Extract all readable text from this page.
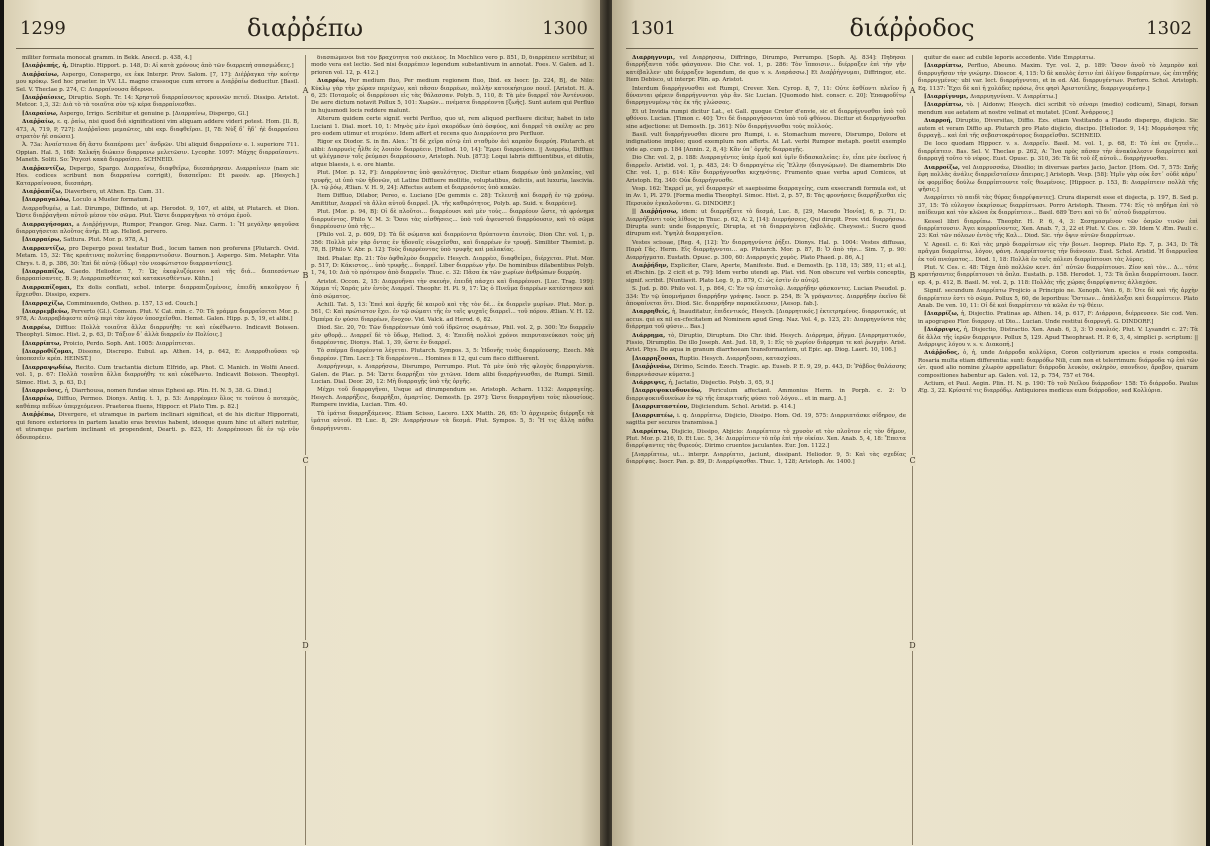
1299	διαῤῥέπω	1300

militer formata monocat gramm. in Bekk. Anecd. p. 438, 4.]

[Διαῤῥεπής, ἡ, Diraptio. Hipport. p. 148, D: Αἱ κατὰ χρόνους ἀπὸ τῶν διαρρεπὴ σπασμώδεες.]

Διαῤῥαίνω, Aspergo, Conspergo, ex ἐκκ Interpr. Prov. Salom. [7, 17]: Διέῤῥαγκα τὴν κοίτην μου κρόκῳ. Sed hoc praeter. in VV. LL. magno crassoque cum errore a Διαῤῥαίω deducitur. [Basil. Sel. V. Theclae p. 274, C: Διαρραίνουσα ἄδερνοι.

[Διαῤῥαίσεις, Diruptio. Soph. Tr. 14: Χρηστοῦ διαρραίσοντος κρουνῶν πετεῦ. Dissipo. Aristot. Metcor. 1,3, 32: Διὰ τὸ τὰ τοιαῦτα σὺν τῷ κέρα διαρραίνεσθαι.

[Διαραίνω, Aspergo, Irrigo. Scribitur et genuine p. [Διαρραίνω, Dispergo, Gl.]

Διαῤῥαίω, ε. q. ῥαίω, nisi quod διά significationi vim aliquam addere videri potest. Hom. [Il. B, 473, A, 719, P, 727]: Διαῤῥαῖσαι μεμαῶτες, ubi exp. διαφθεῖραι. [I, 78: Νὺξ δ᾽ ἥδ᾽ ἠὲ διαρραίσει στρατὸν ἠὲ σαώσει].

Ἀ. 73a: Ἀναίστεινα δὴ ἄστυ διαπέρσαι μετ᾽ ἀνδρῶν. Ubi aliquid διαρραίσεν e. l. superiore 711. Oppian. Hal. 5, 168: Χαλκήη διώκειν διαρρανω μελετῶσιν. Lycophr. 1097: Μάχης διαρραίσαντι. Maneth. Soliti. So: Ῥαγεσὶ κακὰ διαρραίσει. SCHNEID.

Διαῤῥαντίζω, Depergo, Spargo. Διαρραίνω, διαφθεῖρω, διεσπάρησαν. Διαρραίνειν (nam sic Hes. codices scribunt non διαρραίνω corrigit), διασπεῖραι: Et passiv. ap. [Hesych.] Καταρραίνουσα, διεσπάρη.

Διαῤῥαπίζω, Diaverbero, ut Athen. Ep. Cam. 31.

[Διαρραγαλόω, Loculo a Mueler formatum.]

Διαρραθυμέω, a Lat. Dirumpo, Diffindo, ut ap. Herodot. 9, 107, et alibi, ut Plutarch. et Dion. Ὥστε διαῤῥαγῆναι αὐτοῦ μέσον τὸν σῶμα. Plut. Ὥστε διαρραγῆναι τὸ στόμα ἐμοῦ.

Διαρραγήσομαι, a Διαῤῥήγνυμι, Rumpor, Frangor. Greg. Naz. Carm. 1: Ἢ μεγάλην φαγοῦσα διαρραγήσεται πλοῦτος ἀνήρ. Et ap. Heliod. pervero.

[Διαρραίρω, Sattura. Plut. Mor. p. 978, A.]

Διαρραντίζω, pro Depergo posui testatur Bud., locum tamen non proferens [Plutarch. Ovid. Metam. 15, 32: Τὰς κρεάτινας πολυτίας διαρραντιοῦσιν. Bournon.]. Aspergo. Sim. Metaphr. Vita Chrys. t. 8, p. 386, 30: Ἐπὶ δὲ αὐτῷ (ὕδωρ) τὸν νεοφώτιστον διαρραντίσας].

[Διαρραπίζω, Caedo. Heliodor. 7, 7: Ὡς ἐκεφλυζόμενοι καὶ τῆς διά... διαπεσόντων διαρραπίσαντες. B. 9; Διαρραπισθέντας καὶ κατακνισθέντων. Kühn.]

Διαρραπίζομαι, Ex dolis conflati, scbol. interpr. διαρραπιζομένοις, ἐπειδὴ κακοῦργον ἤ ἔρχεσθαι. Dissipo, expers.

[Διαρραχίζω, Comminuendo, Ostheo. p. 157, 13 ed. Couch.]

[Διαρρεμβεύω, Perverto (Gl.). Comsun. Plut. V. Cat. min. c. 70: Τὰ γράμμα διαρραίσεται Mor. p. 978, A: Διαρραβάφεστε αὐτῷ περὶ τὰν λόγον ὑποσχεῖσθαι. Hemst. Galen. Hipp. p. 5, 19, et alibi.]

Διαρρέω, Diffluo: Πολλὰ τοιαῦτα ἄλλα διαρρυήθη: τε καὶ εὐκέθωντο. Indicavit Boissen. Theophyl. Simoc. Hist. 2, p. 63, D: Τάξιον δ᾽ ἀλλὰ διαρρεῖν ἐν Πολίοις.]

[Διαρρίπτω, Proicio, Perdo. Soph. Ant. 1005: Διαρρίπτεται.

[Διαρροθίζομαι, Dissono, Discrepo. Eubul. ap. Athen. 14, p. 642, E: Διαρροθιοῦσαι τῷ ὑποπεσεῖν κρέα. HEINST.]

[Διαρραψῳδέω, Recito. Cum tractantia dictum Elfrido, ap. Phot. C. Manich. in Wolfii Anecd. vol. 1, p. 67: Πολλὰ τοιαῦτα ἄλλα διαρρυήθη: τε καὶ εὐκέθωντο. Indicavit Boisson. Theophyl. Simoc. Hist. 3, p. 63, D.]

[Διαρρεῦσις, ἡ, Diarrhousa, nomen fundae sinus Ephesi ap. Plin. H. N. 5, 38. G. Dind.]

[Διαρρέω, Diffluo, Permeo. Dionys. Antiq. t. 1, p. 53: Διαρρέομεν ὅλος τε τούτου ὁ ποταμὸς, καθάπερ πεδίων ὑπερχεόμενοι. Praeterea fluens, Hippocr. et Plato Tim. p. 82.]

Διαῤῥέπω, Divergere, et utramque in partem inclinari significat, et de his dicitur Hipporrati, qui fenore exteriores in partem laxatio eras brevius habent, ideoque quum hinc ut alteri nutritur, et utramque partem inclinant et propendent, Dearti. p. 823, H: Διαρρέπουσι δὲ ἐν τῷ νῦν ὀδοιπορέειν.

A
B
C
D

διασπώμενοι διὰ τὸν βραχύτητα τοῦ σκέλεος. In Mochlico vero p. 851, D, διαρρέπειν scribitur, si modo vera est lectio. Sed nisi διαρρέπειν legendum substantivum in annotat. Foes. V. Galen. ad 1. prioren vol. 12, p. 412.]

Διαρρέω, Per medium fluo, Per medium regionem fluo, Ibid. ex Isocr. [p. 224, B], de Nilo: Κύκλῳ γὰρ τὴν χώραν περιέχων, καὶ πᾶσαν διαρρέων, πολλὴν κατοικήσιμον ποιεῖ. [Aristot. H. A. 6, 25: Ποταμοῖς οἱ διαρρέουσι εἰς τὰς θάλασσαν. Polyb. 5, 110, 8: Τὰ μὲν διαρρεῖ τὸν Ἀντένινον. De aere dictum notavit Pollux 5, 101: Χωρῶν... πνέματα διαρρέοντα [ζωῆς]. Sunt autem qui Perfluo in hujusmodi locis reddere malunt.

Alterum quidem certe signif. verbi Perfluo, quo ut, rem aliquod perfluere dicitur, habet in isto Luciani 1. Dial. mort. 10, 1: Μηνὸς μὲν ἐμοὶ σκορόδων ὑπὸ ὀσφύος, καὶ διαρρεῖ τὰ σκέλη· ac pro pro eodem utimur et πτερύειν. Idem affert et recens quo Διαρρέοντα pro Perfluor.

Rigor ex Diodor. S. in fin. Alex.: Ἢ δὲ χεῖρα αὐτῷ ἐπὶ σταθμὸν ἀεὶ καρπὸν διερρύη. Plutarch. et alibi: Διαρρυεὶς ἦλθε ἐς λοιπὸν διαρρέειν. [Heliod. 10, 14]: Ἔρρει διαρρεύσει. || Διαρρέω, Diffluo: ut ψλέγμασιν τοῖς ῥεύμασι διαρρέουσιν, Aristoph. Nub. [873]: Loqui labris diffluentibus, et dilutis, atque blaesis, i. e. ore hiante.

Plut. [Mor. p. 12, F]: Διαρρέοντας ὑπὸ φαυλότητος. Dicitur etiam διαρρέων ὑπὸ μαλακίας, vel τρυφῆς, ut ὑπὸ τῶν ἡδονῶν, ut Latine Diffluere mollitie, voluptatibus, deliciis, aut luxuria, lascivia. [Ἀ. τῷ ῥόῳ, Ælian. V. H. 9, 24]: Affectus autem et διαρρεόντες ὑπὸ κακῶν.

Item Diffluo, Dilabor, Pereo, e. Luciano [De gemmis c. 28]: Τελευτῇ καὶ διαρρῇ ἐν τῷ χρόνῳ. Amittitur, Διαρρεῖ τὰ ἄλλα αὐτοῦ διαρρεῖ. [Ἀ. τῆς καθαρότητος, Polyb. ap. Suid. v. διαρρέειν].

Plut. [Mor. p. 94, B]: Οἱ δὲ πλοῦτοι... διαρρέουσι καὶ μὲν τοὺς... διαρρέουν ὥστε, τὰ φρόνημα διαρρυέντος. Philo V. M. 3: Ὅσοι τὰς αἰσθήσεις... ὑπὸ τοῦ ἀψευστοῦ διαρρύουσιν, καὶ τὸ σῶμα διαρρέουσιν ὑπὸ τῆς...

[Philo vol. 2, p. 609, D]: Τὰ δὲ σώματα καὶ διαρρέοντα θρύπτοντα ἑαυτοὺς. Dion Chr. vol. 1, p. 356: Πολλὰ μὲν γὰρ ὄντας ἐν ἡδοναῖς εὐωχεῖσθαι, καὶ διαρρέων ἐν τρυφῇ. Similiter Themist. p. 78, B. [Philo V. Abr. p. 12]: Τοὺς διαρρέοντας ὑπὸ τρυφῆς καὶ μαλακίας.

Ibid. Phalar. Ep. 21: Τὸν ὀφθαλμὸν διαρρεῖν. Hesych. Διαρρέει, διαφθείρει, διέρχεται. Plut. Mor. p. 517, D: Κάκιστος... ὑπὸ τρυφῆς... διαρρεῖ. Liber διαρρέων γῆν. De hominibus dilabentibus Polyb. 1, 74, 10: Διὰ τὸ πρότερον ἀπὸ διαρρεῖν. Thuc. c. 32: Πᾶσα ἐκ τῶν χωρίων ἀνθρώπων διερρύη.

Aristot. Occon. 2, 15: Διαρρυῆναι τὴν σκευὴν, ἐπειδὴ πάσχει καὶ διαρρέουσι. [Luc. Trag. 199]: Χάρμα τί; Χαράς μὲν ἐντὸς Διαρρεῖ. Theophr. H. Pl. 9, 17: Ὡς ὁ Πνεῦμα διαρρέων κατέστησεν καὶ ἀπὸ σώματος.

Achill. Tat. 5, 13: Ἐπεὶ καὶ ἀρχῆς δὲ καιροῦ καὶ τῆς τὸν δὲ... ἐκ διαρρεῖν μυρίων. Plut. Mor. p. 561, C: Καὶ πρώτιστον ἔχει. ἐν τῷ σώματι τῆς ἐν ταῖς ψυχαῖς διαρρεῖ... τοῦ πόρου. Ælian. V. H. 12. Ὀμπέρα ἐν φύσει διαρρέων, ἔνοχον. Vid. Valck. ad Herod. 6, 82.

Diod. Sic. 20, 70: Τῶν διαρρέοντων ὑπὸ τοῦ ἱδρῶτος σωμάτων, Phil. vol. 2, p. 300: Ἐν διαρρεῖν μὲν φθορᾷ... Διαρρεῖ δὲ τὸ ὕδωρ, Heliod. 3, 4: Ἐπειδὴ πολλοὶ χρόνοι πεπρυτανεύκασι τοὺς μὴ διαρρέοντας. Dionys. Hal. 1, 39, ὥστε ἐν διαρρεῖ.

Τὸ σπέρμα διαρρέοντα λέγεται. Plutarch. Sympos. 3, 5: Ἡδονῆς τινὸς διαρρέουσης. Ezech. Μὰ διαρρέον. [Tim. Locr.]: Τὰ διαρρέοντα... Homines ii 12, qui cum fisco diffluerent.

Διαρρήγνυμι, s. Διαρρήσσω, Disrumpo, Perrumpo. Plut. Τὰ μὲν ὑπὸ τῆς φλογὸς διαρραγέντα. Galen. de Plac. p. 54: Ὥστε διαρρήξαι τὸν χιτῶνα. Idem alibi διαρρήγνυσθαι, de Rumpi. Simil. Lucian. Dial. Deor. 20, 12: Μὴ διαρραγῇς ὑπὸ τῆς ὀργῆς.

Μέχρι τοῦ διαρραγῆναι, Usque ad dirumpendum se. Aristoph. Acharn. 1132: Διαρραγείης. Hesych. Διαρρήξεις, διαρρῆξαι, ἀμαρτίας. Demosth. [p. 297]: Ὥστε διαρραγῆναι τοὺς πλουσίους. Rumpere invidia, Lucian. Tim. 40.

Τὰ ἱμάτια διαρρηξάμενος. Etiam Scisso, Lacero. LXX Matth. 26, 65: Ὁ ἀρχιερεὺς διέρρηξε τὰ ἱμάτια αὐτοῦ. Et Luc. 8, 29: Διαρρήσσων τὰ δεσμά. Plut. Sympos. 5, 5: Ἥ τις ἄλλη πάθει διαρρήγνυται.

1301	διάῤῥοδος	1302

Διαῤῥήγνυμι, vel Διαῤῥήσσω, Diffringo, Dirumpo, Perrumpo. [Soph. Aj. 834]: Πηδήσαι διαρρήξαντα τόδε φάσγανον. Dio Chr. vol. 1, p. 286: Τὸν ἵπποισιν... διέρραξεν ἐπὶ τὴν γῆν κατέβαλλεν· ubi διέρραξεν legendum, de quo v. s. Διαράσσω.] Et Διαῤῥήγνυμαι, Diffringor, etc. Item Debisco, ut interpr. Plin. ap. Aristot.

Interdum διαρρήγνυσθαι est Rumpi, Crever. Xen. Cyrop. 8, 7, 11: Οὐτε ἐσθίοντι πλεῖον ἢ δύνανται φέρειν διαρρήγνυνται γὰρ ἂν. Sic Lucian. [Quomodo hist. conscr. c. 20]: Ἐπαφροδίτῳ διαρρηγνυμένῳ τὰς ἐκ τῆς γλώσσας.

Et ut Invidia rumpi dicitur Lat., et Gall. quoque Creter d'envie, sic et διαρρήγνυσθαι ὑπὸ τοῦ φθόνου. Lucian. [Timon c. 40]: Ὅτι δὲ διαρραγήσονται ὑπὸ τοῦ φθόνου. Dicitur et διαρρήγνυσθαι sine adjectione: ut Demosth. [p. 361]: Νῦν διαρρήγνυσθαι τοὺς πολλούς.

Basil. vult διαρρήγνυσθαι dicere pro Rumpi, i. e. Stomachum movere, Disrumpo, Dolore et indignatione impleo; quod exemplum non afferts. At Lat. verbi Rumpor metaph. poetit exemplo vide ap. cum p. 184 [Annin. 2, 8, 4]: Κἂν ὑπ᾽ ὀργῆς διαρραγῇς.

Dio Chr. vol. 2, p. 188: Διαρραγέντες ὑπὲρ ἐμοῦ καὶ ὑμῖν διδασκαλείας: ἐν, εἶπε μὲν ἐκεῖνος ἡ διαρρεῖν. Aristid. vol. 1, p. 483, 24: Ὁ διαρραγέτω εἰς Ἕλλην (διαγνώμων). De diamembris Dio Chr. vol. 1, p. 614: Κἂν διαρρήγνυσθαι κεχηνότας. Frumento quae verba apud Comicos, ut Aristoph. Eq. 340: Οὐκ διαρρήγνυσθε.

Vesp. 162: Ἐκρρεῖ με, γεῖ διαρραγῶ· et saepissime διαρραγείης, cum exsecrandi formula est, ut in Av. 1, Pl. 279. [Forma media Theophyl. Simoc. Hist. 2, p. 57, B: Τὰς φρονήσεις διαρρήξεσθαι εἰς Περσικὸν ἐγκαλοῦνται. G. DINDORF.]

|| Διαῤῥήσσω, idem: ut διαρρήξατε τὸ δεσμά, Luc. 8, [29, Macedo Ἠονία], 6, p. 71, D: Διαρρήξαντι τοὺς λίθους in Thuc. p. 62, A: 2, [14]: Διερρήσσεις, Qui dirupit. Prov. vid. διαρρήσσω. Dirupta sunt: unde διαρραγείς, Dirupta, et τὰ διαρραγέντα ἐκβολάς. Cheysost.: Sucro quod dirupum est. Ὑψηλὰ διαρραγεῖσα.

Vestes scissae, [Reg. 4, [12]: Ἐν διαρρηγνύντα ῥήξει. Dionys. Hal. p. 1004: Vestes diffusas, Παρὰ Γᾶς. Herm. Εἰς διαρρήγνυται... ap. Plutarch. Mor. p. 87, B: Ὁ ἀπὸ τὴν... Sim. 7, p. 90: Διαρρήγματα. Eustath. Opusc. p. 300, 60: Διαρραγεὶς χυμὸς. Plato Phaed. p. 86, A.]

Διαῤῥήδην, Expliciter, Clare, Aperte, Manifeste. Bud. e Demosth. [p. 118, 15; 389, 11; et al.], et Æschin. [p. 2 cicit et p. 79]: Idem verbo utendi ap. Plat. vid. Non obscure vel verbis conceptis, signif. scribit. [Nuntiavit. Plato Leg. 9, p. 879, C: ὡς ἐστὶν ἐν αὐτῷ].

S. Jud. p. 80. Philo vol. 1, p. 864, C: Ἐν τῷ ἐπιστολῷ. Διαρρήδην φάσκοντες. Lucian Pseudol. p. 334: Ἐν τῷ ὑπομνήμασι διαρρήδην γράψας. Isocr. p. 254, B: Ἃ γράψαντες. Διαρρήδην ἐκεῖνο δὲ ἀποφαίνεται ὅτι. Diod. Sic. διαρρήδην παρακέλευσεν, [Aesop. fab.].

Διαρρηθείς, ἡ, Inauditatur, ἐπιδεντικός, Hesych. [Διαρρητικός.] ἐκτετρημένος. διαρρυτικός, ut accus. qui ex nil ex-cfecitatem ad Nominem apud Greg. Naz. Vol. 4, p. 123, 21: Διαρρηγνύντα τὰς διάρρημα τοῦ φύσιν... Bas.]

Διάρρημα, τὸ, Diruptio, Diruptum. Dio Chr. ibid. Hesych. Διάρρημα, ῥῆγμα. [Διαρρηματικόν, Fissio, Dirumptio. De illo Joseph. Ant. Jud. 18, 9, 1: Εἰς τὸ χωρίον διάρρημα τε καὶ ῥωγμὴν. Arist. Arist. Phys. De aqua in granum diarrhoeam transformantem, ut Epic. ap. Diog. Laert. 10, 106.]

[Διαρρηξοσαι, Ruptio. Hesych. Διαρρηξοσαι, κατασχίσαι.

[Διαῤῥινάω, Dirimo, Scindo. Ezech. Tragic. ap. Euseb. P. E. 9, 29, p. 443, D: Ῥάβδος θαλάσσης διαρρινάσσων κύματα.]

Διάρριψις, ἡ, Jactatio, Disjectio. Polyb. 3, 65, 9.]

[Διαρριψοκινδυνεύω, Periculum affectant. Ammonius Herm. in Porph. c. 2: Ὁ διαρριψοκινδυνεύων ἐν τῷ τῆς ἐπικριτικῆς φύσει τοῦ λόγου... et in marg. Δ.]

[Διαρριπταστέον, Disjiciendum. Schol. Aristid. p. 414.]

[Διαρριπτέω, i. q. Διαρρίπτω, Disjicio, Dissipo. Hom. Od. 19, 575: Διαρριπτάσκε σίδηρον, de sagitta per secures transmissa.]

Διαρρίπτω, Disjicio, Dissipo, Abjicio: Διαρρίπτειν τὸ χρυσὸν et τὸν πλοῦτον εἰς τὸν δῆμον, Plut. Mor. p. 216, D. Et Luc. 5, 34: Διαρρίπτειν τὸ πῦρ ἐπὶ τὴν οἰκίαν. Xen. Anab. 5, 4, 18: Ἔπειτα διαρρίψαντες τὰς θυρεούς. Dirimo cruentos jaculantes. Eur. Jon. 1122.]

[Διαρρίπτεω, ut... interpr. Διαρρίπτει, jaciunt, dissipant. Heliodor. 9, 5: Καὶ τὰς σχεδίας διαρρίψας. Isocr. Pan. p. 89, D: Διαρρίψασθαι. Thuc. 1, 128; Aristoph. Av. 1400.]

A
B
C
D

quitur de eaec ad cubile leporis accedente. Vide Ἐπιρρίπτω.

[Διαρρίπτω, Perfluo, Abeuno. Maxim. Tyr. vol. 2, p. 189: Ὅσον ἀνοῦ τὸ λαμπρὸν καὶ διαρρυγῆσαν τὴν γνώμην. Dioscor. 4, 115: Ὁ δὲ καυλὸς ἐστιν ἐπὶ ὀλίγον διαρρίπτων, ὡς ἐπιτηδής διαρρυγμένος· ubi var. lect. διαρρήγνυται, et in ed. Ald. διαρρυγέντων. Porforo. Schol. Aristoph. Eq. 1137: Ἔχει δὲ καὶ ἡ χολάδες πρόσω, ὅτε φησὶ Ἀριστοτέλης, διαρριγνυμένην.]

[Διαρρίγνυμι, Διαρρυηγνύναι. V. Διαρρίπτω.]

[Διαρρίπτω, τὸ. | Aidonw; Hesych. dici scribit τὸ σέναρι (medio) codicum), Sinapi, forsan mendum sue aetatem at nostre velinat et mutatet. [Conf. Ἀνάρρους.]

Διαρροή, Diruptio, Diversitas, Diffio. Ezs. etiam Vestitando a Flaudo dispergo, disjicio. Sic autem et veram Diffio ap. Plutarch pro Plato disjicio, discipo. [Heliodor. 9, 14]: Μορμάσησα τῆς διρραγῇ... καὶ ἐπὶ τῆς σεβαστοκράτορος διαρρεῖσθαι. SCHNEID.

De loco quodam Hippocr. v. s. Διαρρεῖν. Basil. M. vol. 1, p. 68, E: Τὸ ἐπὶ σε ζητεῖν... διαρρίπτειν. Bas. Sel. V. Theclae p. 262, A: Ἵνα πρὸς πᾶσαν τὴν ἀνακύκλεσιν διαρρίπτει καὶ διαρραγῇ τοῦτο τὸ νέφος. Eust. Opusc. p. 310, 36: Τὰ δὲ τοῦ ἐξ αὐτοῦ... διαρρήγνυσθαι.

Διαρροίζω, vel Διαρρυσσάω, Dissilio; in diversas partes jacio, Jactor. [Hom. Od. 7, 575: Σπῆς ἔφη πολλὰς ἀνάλις διαρρεῖσταίσεν ἄπειρας.] Aristoph. Vesp. [58]: Ἡμῖν γὰρ οὐκ ἔστ᾽ οὐδὲ κάρυ᾽ ἐκ φορμίδος δούλω διαρρίπτουντε τοῖς θεωμένοις. [Hippocr. p. 153, B: Διαρρίπτειν πολλὰ τῆς ψῆσις.]

Διαρρίπτει τὸ παιδὶ τὰς θύρας διαρρίψαντες]. Crura dispersit esse et disjecta, p. 197, B. Sed p. 37, 15: Τὸ εὐλογον ἐκκρίσεως διαρρίπτωσι. Porro Aristoph. Thesm. 774: Εἰς τὸ πηδῆμα ἐπὶ τὸ παίδευμα καὶ τὸν κλῶνα ἐκ διαρρίπτειν... Basil. 689 Ἐστι καὶ τὸ δι᾽ αὐτοῦ διαρρίπτου.

Kessel libri διαρρίπω. Theophr. H. P. 6, 4, 3: Σεσημασμένον τῶν ὀσμῶν τινῶν ἐπὶ διαρρίπτουσιν. Άγει κοιρραίνοντες, Xen. Anab. 7, 3, 22 et Plut. V. Ces. c. 39. Idem V. Æm. Pauli c. 23: Καὶ τῶν πόλεων ἐντὸς τῆς Καλ... Diod. Sic. τὴν ὄψιν αὐτῶν διαρρίπτων.

V. Agesil. c. 6: Καὶ τὰς μηρὸ διαρρίπτων εἰς τὴν βοιωτ. Isoprep. Plato Ep. 7, p. 343, D: Τὰ πρᾶγμα διαρρίπτω, λόγον, φάνη. Διαρρίπτοντες τὴν διάνοιαν. Eust. Schol. Aristid. Ἡ διαρρυεῖσα ἐκ τοῦ πνεύματος... Diod. 1, 18: Πολλὰ ἐν ταῖς πόλεσι διαρρίπτουσι τὰς λύρας.

Plut. V. Ces. c. 48: Τάχα ἀπὸ πολλῶν κεντ. ἀπ᾽ αὐτῶν διαρρίπτουσι. Ζίον καὶ τὸν... Δ... τότε κρατήσαντες διαρρίπτουσι τὰ ὅπλα. Eustath. p. 158. Herodot. 1, 73: Τὰ ὅπλα διαρρίπτουσι. Isocr. ep. 4, p. 412, B. Basil. M. vol. 2, p. 118: Πολλὰς τῆς χώρας διαρρίψαντες ἀλλαχόσε.

Signif. secundum Διαρρίπτω Projicio a Principio ne. Xenoph. Ven. 6, 8: Ὁτε δὲ καὶ τῆς ἀρχὴν διαρρίπτειν ἐστι τὸ σῶμα. Pollux 5, 60, de leporibus: Ὅστεων... ἀπάλλαξαι καὶ διαρρίπτειν. Plato Anab. De ven. 10, 11: Οἱ δὲ καὶ διαρρίπτειν τὰ κῶλα ἐν τῷ θέειν.

[Διαρρίζω, ἡ, Disjectio. Pratinas ap. Athen. 14, p. 617, F: Διάρροια, διέρρευσεν. Sic cod. Ven. in apograpeo Flor. διαρρυγ. ut Dio... Lucian. Unde restitui διαρρυγῆ. G. DINDORF.]

[Διάρριψις, ἡ, Disjectio, Distractio. Xen. Anab. 6, 3, 3: Ὁ σκολιός. Plut. V. Lysandri c. 27: Τὰ δὲ ἄλλα τῆς ἱερῶν διαρριψιν. Pollux 5, 129. Apud Theophrast. H. P. 6, 3, 4, simplici p. scriptum: || Διάρριψις λόγου v. s. v. Διακοπή.]

Διάῤῥοδος, ὁ, ἡ, unde Διάρροδα κολλύρια, Coron collyriorum species e rosis composita. Rosaria multa etiam differentia: sunt: διαρρόδω Nili, cum non et telerrimum: διάρροδα τῷ ἐπὶ τῶν ὠτ. quod alio nomine χλωρὸν appellatur: διάρροδα λευκὸν, σκληρὸν, σπονδιον, ἄραβον, quarum compositiones habentur ap. Galen. vol. 12, p. 754, 757 et 764.

Actium, et Paul. Aegin. Plin. H. N. p. 190: Τὸ τοῦ Νείλου διάρροδον· 158: Τὸ διάρροδο. Paulus Æg. 3, 22. Κρίσατέ τις διαρρόδῳ. Antiquiores medicus eum διάρροδον, sed Κολλύρια.
